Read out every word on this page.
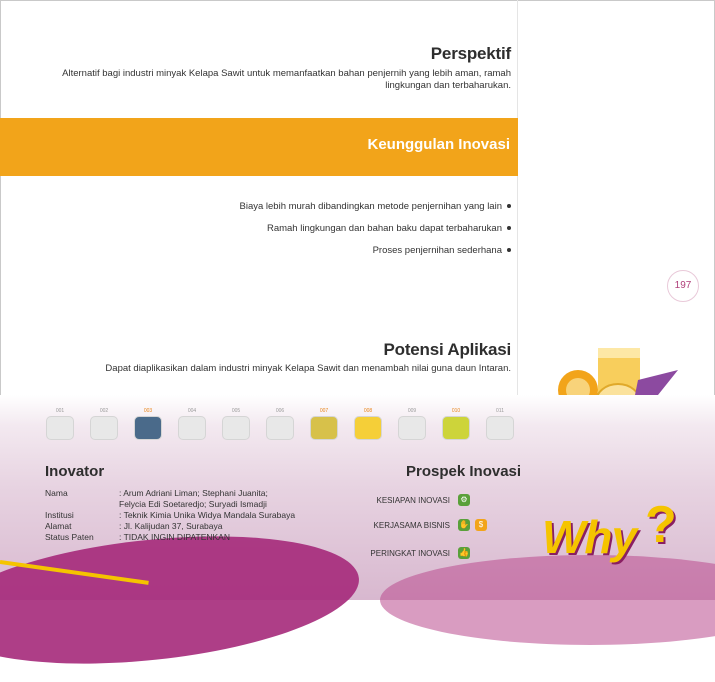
Perspektif
Alternatif bagi industri minyak Kelapa Sawit untuk memanfaatkan bahan penjernih yang lebih aman, ramah lingkungan dan terbaharukan.
Keunggulan Inovasi
Biaya lebih murah dibandingkan metode penjernihan yang lain
Ramah lingkungan dan bahan baku dapat terbaharukan
Proses penjernihan sederhana
197
Potensi Aplikasi
Dapat diaplikasikan dalam industri minyak Kelapa Sawit dan menambah nilai guna daun Intaran.
001	002	003	004	005	006	007	008	009	010	011
Inovator
Nama	: Arum Adriani Liman; Stephani Juanita;
Felycia Edi Soetaredjo; Suryadi Ismadji
Institusi	: Teknik Kimia Unika Widya Mandala Surabaya
Alamat	: Jl. Kalijudan 37, Surabaya
Status Paten	: TIDAK INGIN DIPATENKAN
Prospek Inovasi
KESIAPAN INOVASI	⚙
KERJASAMA BISNIS	✋	$
PERINGKAT INOVASI	👍 Why ?
